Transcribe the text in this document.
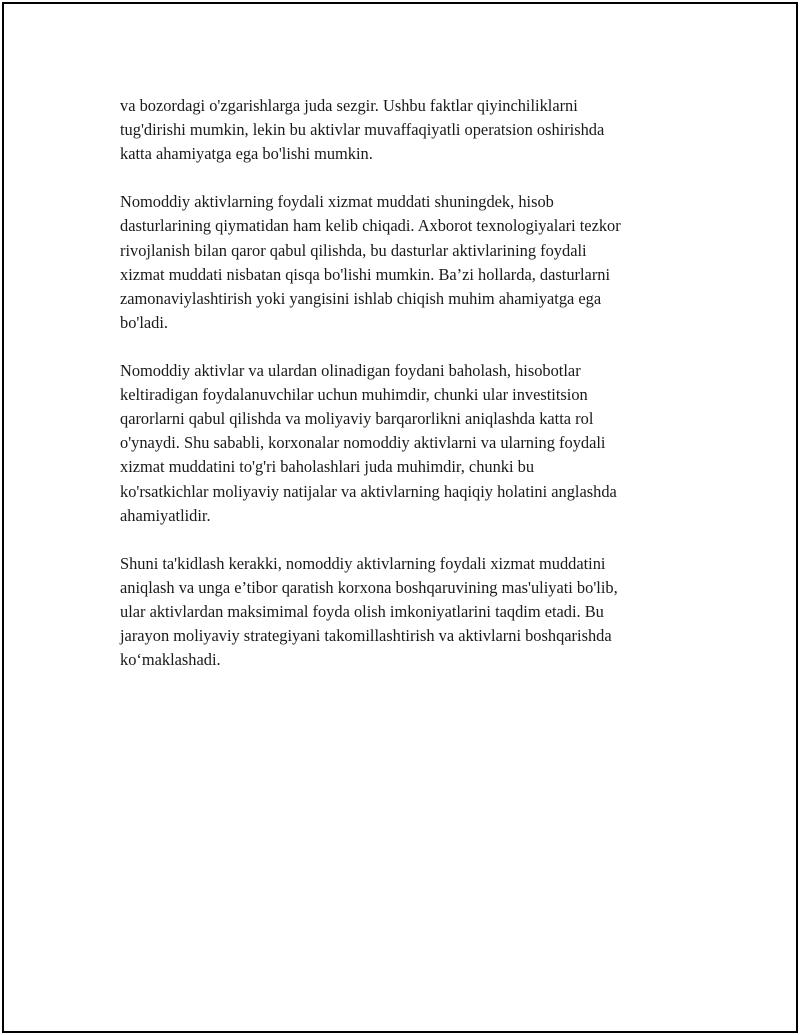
va bozordagi o'zgarishlarga juda sezgir. Ushbu faktlar qiyinchiliklarni
tug'dirishi mumkin, lekin bu aktivlar muvaffaqiyatli operatsion oshirishda
katta ahamiyatga ega bo'lishi mumkin.

Nomoddiy aktivlarning foydali xizmat muddati shuningdek, hisob
dasturlarining qiymatidan ham kelib chiqadi. Axborot texnologiyalari tezkor
rivojlanish bilan qaror qabul qilishda, bu dasturlar aktivlarining foydali
xizmat muddati nisbatan qisqa bo'lishi mumkin. Ba’zi hollarda, dasturlarni
zamonaviylashtirish yoki yangisini ishlab chiqish muhim ahamiyatga ega
bo'ladi.

Nomoddiy aktivlar va ulardan olinadigan foydani baholash, hisobotlar
keltiradigan foydalanuvchilar uchun muhimdir, chunki ular investitsion
qarorlarni qabul qilishda va moliyaviy barqarorlikni aniqlashda katta rol
o'ynaydi. Shu sababli, korxonalar nomoddiy aktivlarni va ularning foydali
xizmat muddatini to'g'ri baholashlari juda muhimdir, chunki bu
ko'rsatkichlar moliyaviy natijalar va aktivlarning haqiqiy holatini anglashda
ahamiyatlidir.

Shuni ta'kidlash kerakki, nomoddiy aktivlarning foydali xizmat muddatini
aniqlash va unga e’tibor qaratish korxona boshqaruvining mas'uliyati bo'lib,
ular aktivlardan maksimimal foyda olish imkoniyatlarini taqdim etadi. Bu
jarayon moliyaviy strategiyani takomillashtirish va aktivlarni boshqarishda
koʻmaklashadi.
